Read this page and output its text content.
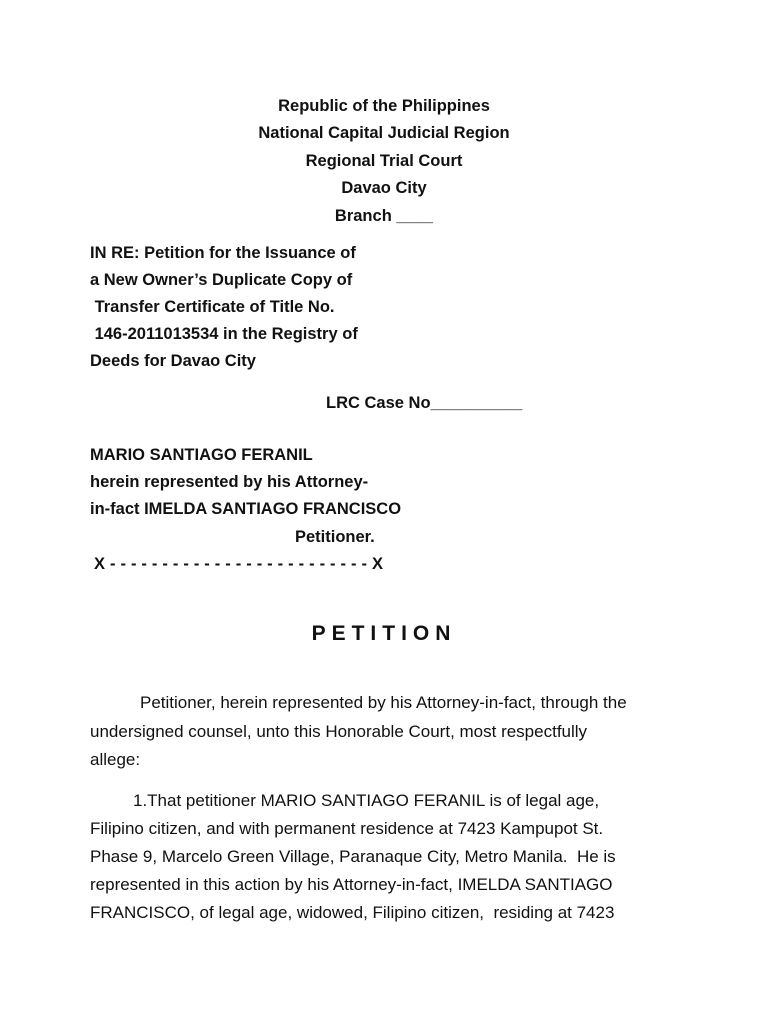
Republic of the Philippines
National Capital Judicial Region
Regional Trial Court
Davao City
Branch ____
IN RE: Petition for the Issuance of
a New Owner’s Duplicate Copy of
Transfer Certificate of Title No.
146-2011013534 in the Registry of
Deeds for Davao City
LRC Case No__________
MARIO SANTIAGO FERANIL
herein represented by his Attorney-
in-fact IMELDA SANTIAGO FRANCISCO
Petitioner.
X - - - - - - - - - - - - - - - - - - - - - - - - - X
PETITION
Petitioner, herein represented by his Attorney-in-fact, through the
undersigned counsel, unto this Honorable Court, most respectfully
allege:
1.That petitioner MARIO SANTIAGO FERANIL is of legal age,
Filipino citizen, and with permanent residence at 7423 Kampupot St.
Phase 9, Marcelo Green Village, Paranaque City, Metro Manila.  He is
represented in this action by his Attorney-in-fact, IMELDA SANTIAGO
FRANCISCO, of legal age, widowed, Filipino citizen,  residing at 7423
